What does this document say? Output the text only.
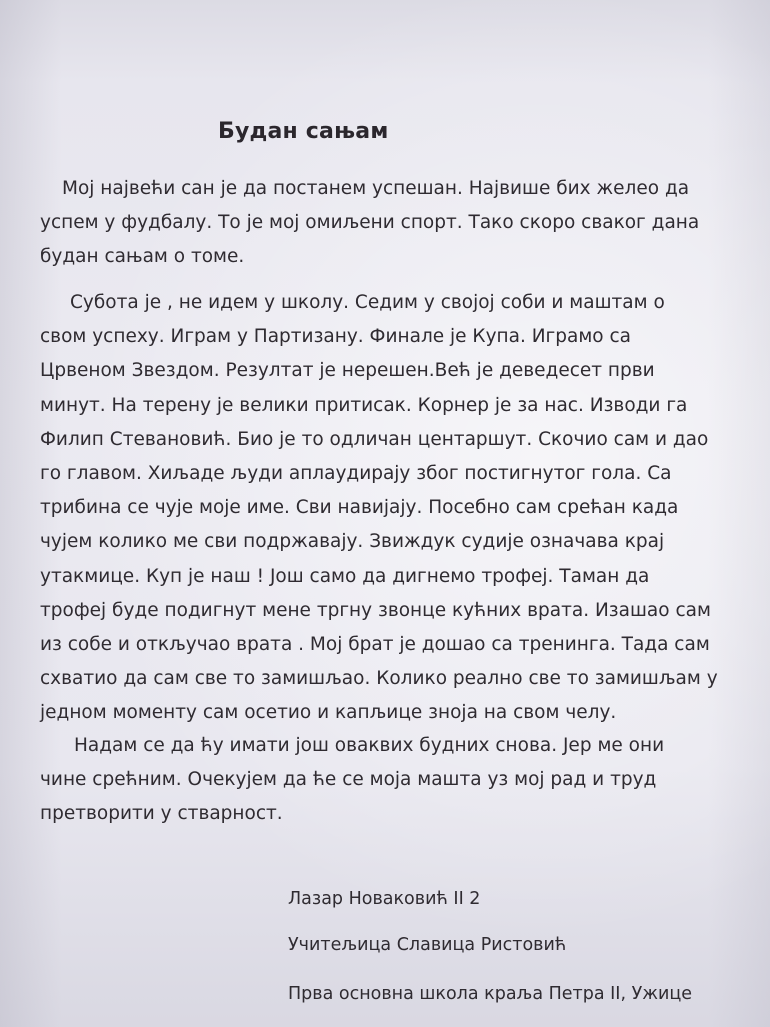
Будан сањам

Мој највећи сан је да постанем успешан. Највише бих желео да
успем у фудбалу. То је мој омиљени спорт. Тако скоро сваког дана
будан сањам о томе.

Субота је , не идем у школу. Седим у својој соби и маштам о
свом успеху. Играм у Партизану. Финале је Купа. Играмо са
Црвеном Звездом. Резултат је нерешен.Већ је деведесет први
минут. На терену је велики притисак. Корнер је за нас. Изводи га
Филип Стевановић. Био је то одличан центаршут. Скочио сам и дао
го главом. Хиљаде људи аплаудирају због постигнутог гола. Са
трибина се чује моје име. Сви навијају. Посебно сам срећан када
чујем колико ме сви подржавају. Звиждук судије означава крај
утакмице. Куп је наш ! Још само да дигнемо трофеј. Таман да
трофеј буде подигнут мене тргну звонце кућних врата. Изашао сам
из собе и откључао врата . Мој брат је дошао са тренинга. Тада сам
схватио да сам све то замишљао. Колико реално све то замишљам у
једном моменту сам осетио и капљице зноја на свом челу.

Надам се да ћу имати још оваквих будних снова. Јер ме они
чине срећним. Очекујем да ће се моја машта уз мој рад и труд
претворити у стварност.

Лазар Новаковић II 2
Учитељица Славица Ристовић
Прва основна школа краља Петра II, Ужице
